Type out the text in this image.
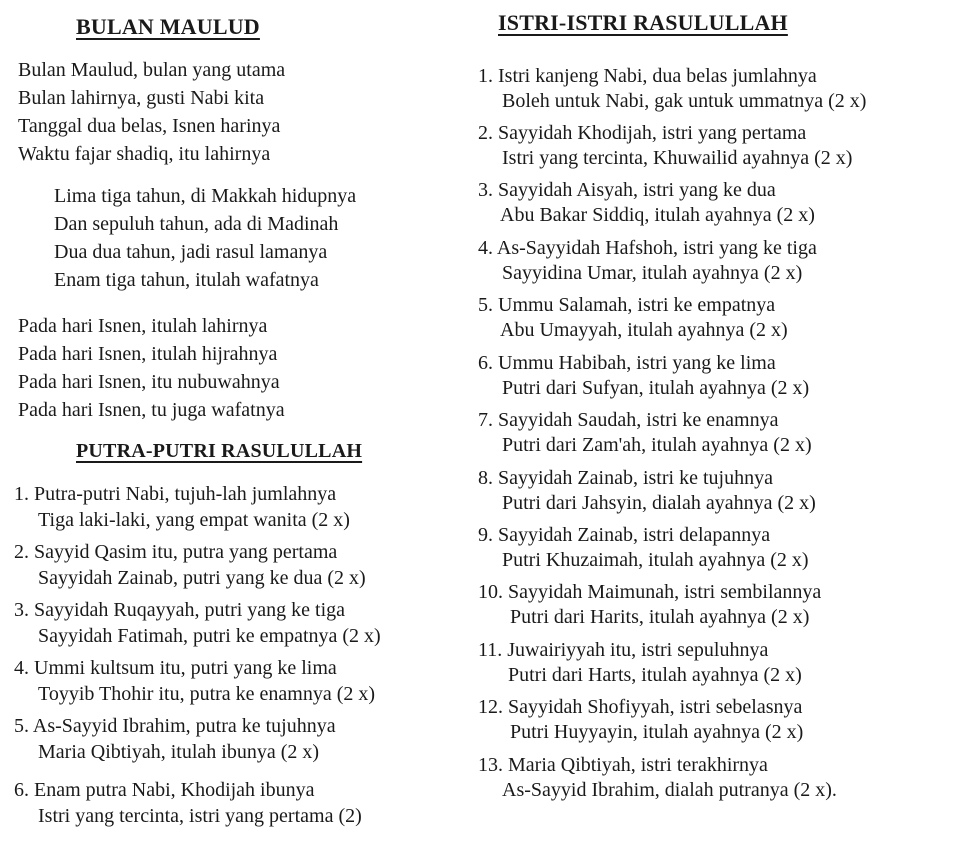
BULAN MAULUD
Bulan Maulud, bulan yang utama
Bulan lahirnya, gusti Nabi kita
Tanggal dua belas, Isnen harinya
Waktu fajar shadiq, itu lahirnya
Lima tiga tahun, di Makkah hidupnya
Dan sepuluh tahun, ada di Madinah
Dua dua tahun, jadi rasul lamanya
Enam tiga tahun, itulah wafatnya
Pada hari Isnen, itulah lahirnya
Pada hari Isnen, itulah hijrahnya
Pada hari Isnen, itu nubuwahnya
Pada hari Isnen, tu juga wafatnya
PUTRA-PUTRI RASULULLAH
1. Putra-putri Nabi, tujuh-lah jumlahnya
Tiga laki-laki, yang empat wanita (2 x)
2. Sayyid Qasim itu, putra yang pertama
Sayyidah Zainab, putri yang ke dua (2 x)
3. Sayyidah Ruqayyah, putri yang ke tiga
Sayyidah Fatimah, putri ke empatnya (2 x)
4. Ummi kultsum itu, putri yang ke lima
Toyyib Thohir itu, putra ke enamnya (2 x)
5. As-Sayyid Ibrahim, putra ke tujuhnya
Maria Qibtiyah, itulah ibunya (2 x)
6. Enam putra Nabi, Khodijah ibunya
Istri yang tercinta, istri yang pertama (2)
ISTRI-ISTRI RASULULLAH
1. Istri kanjeng Nabi, dua belas jumlahnya
Boleh untuk Nabi, gak untuk ummatnya (2 x)
2. Sayyidah Khodijah, istri yang pertama
Istri yang tercinta, Khuwailid ayahnya (2 x)
3. Sayyidah Aisyah, istri yang ke dua
Abu Bakar Siddiq, itulah ayahnya (2 x)
4. As-Sayyidah Hafshoh, istri yang ke tiga
Sayyidina Umar, itulah ayahnya (2 x)
5. Ummu Salamah, istri ke empatnya
Abu Umayyah, itulah ayahnya (2 x)
6. Ummu Habibah, istri yang ke lima
Putri dari Sufyan, itulah ayahnya (2 x)
7. Sayyidah Saudah, istri ke enamnya
Putri dari Zam'ah, itulah ayahnya (2 x)
8. Sayyidah Zainab, istri ke tujuhnya
Putri dari Jahsyin, dialah ayahnya (2 x)
9. Sayyidah Zainab, istri delapannya
Putri Khuzaimah, itulah ayahnya (2 x)
10. Sayyidah Maimunah, istri sembilannya
Putri dari Harits, itulah ayahnya (2 x)
11. Juwairiyyah itu, istri sepuluhnya
Putri dari Harts, itulah ayahnya (2 x)
12. Sayyidah Shofiyyah, istri sebelasnya
Putri Huyyayin, itulah ayahnya (2 x)
13. Maria Qibtiyah, istri terakhirnya
As-Sayyid Ibrahim, dialah putranya (2 x).
